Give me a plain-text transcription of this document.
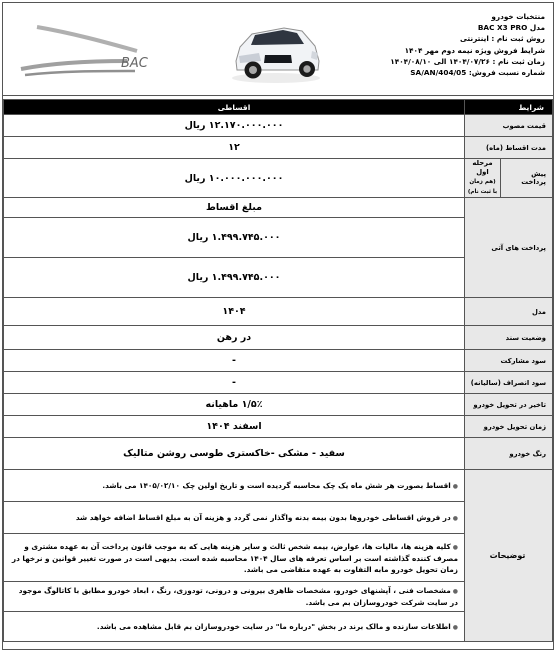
BAC
منتخبات خودرو
مدل BAC X3 PRO
روش ثبت نام : اینترنتی
شرایط فروش ویژه نیمه دوم مهر ۱۴۰۴
زمان ثبت نام : ۱۴۰۴/۰۷/۲۶ الی ۱۴۰۴/۰۸/۱۰
شماره نسبت فروش: SA/AN/404/05
شرایط		اقساطی
قیمت مصوب		۱۲.۱۷۰.۰۰۰.۰۰۰ ریال
مدت اقساط (ماه)		۱۲
پیش پرداخت	مرحله اول
(هم زمان با ثبت نام)	۱۰.۰۰۰.۰۰۰.۰۰۰ ریال
پرداخت های آتی		مبلغ اقساط
		۱.۴۹۹.۷۴۵.۰۰۰ ریال
		۱.۴۹۹.۷۴۵.۰۰۰ ریال
مدل		۱۴۰۴
وضعیت سند		در رهن
سود مشارکت		-
سود انصراف (سالیانه)		-
تاخیر در تحویل خودرو		۱/۵٪ ماهیانه
زمان تحویل خودرو		اسفند ۱۴۰۴
رنگ خودرو		سفید - مشکی -خاکستری طوسی روشن متالیک
توضیحات		●اقساط بصورت هر شش ماه یک چک محاسبه گردیده است و تاریخ اولین چک ۱۴۰۵/۰۲/۱۰ می باشد.
		●در فروش اقساطی خودروها بدون بیمه بدنه واگذار نمی گردد و هزینه آن به مبلغ اقساط اضافه خواهد شد
		●کلیه هزینه ها، مالیات ها، عوارض، بیمه شخص ثالث و سایر هزینه هایی که به موجب قانون پرداخت آن به عهده مشتری و مصرف کننده گذاشته است بر اساس تعرفه های سال ۱۴۰۴ محاسبه شده است. بدیهی است در صورت تغییر قوانین و نرخها در زمان تحویل خودرو مابه التفاوت به عهده متقاضی می باشد.
		●مشخصات فنی ، آپشنهای خودرو، مشخصات ظاهری بیرونی و درونی، تودوزی، رنگ ، ابعاد خودرو مطابق با کاتالوگ موجود در سایت شرکت خودروسازان بم می باشد.
		●اطلاعات سازنده و مالک برند در بخش "درباره ما" در سایت خودروسازان بم قابل مشاهده می باشد.
